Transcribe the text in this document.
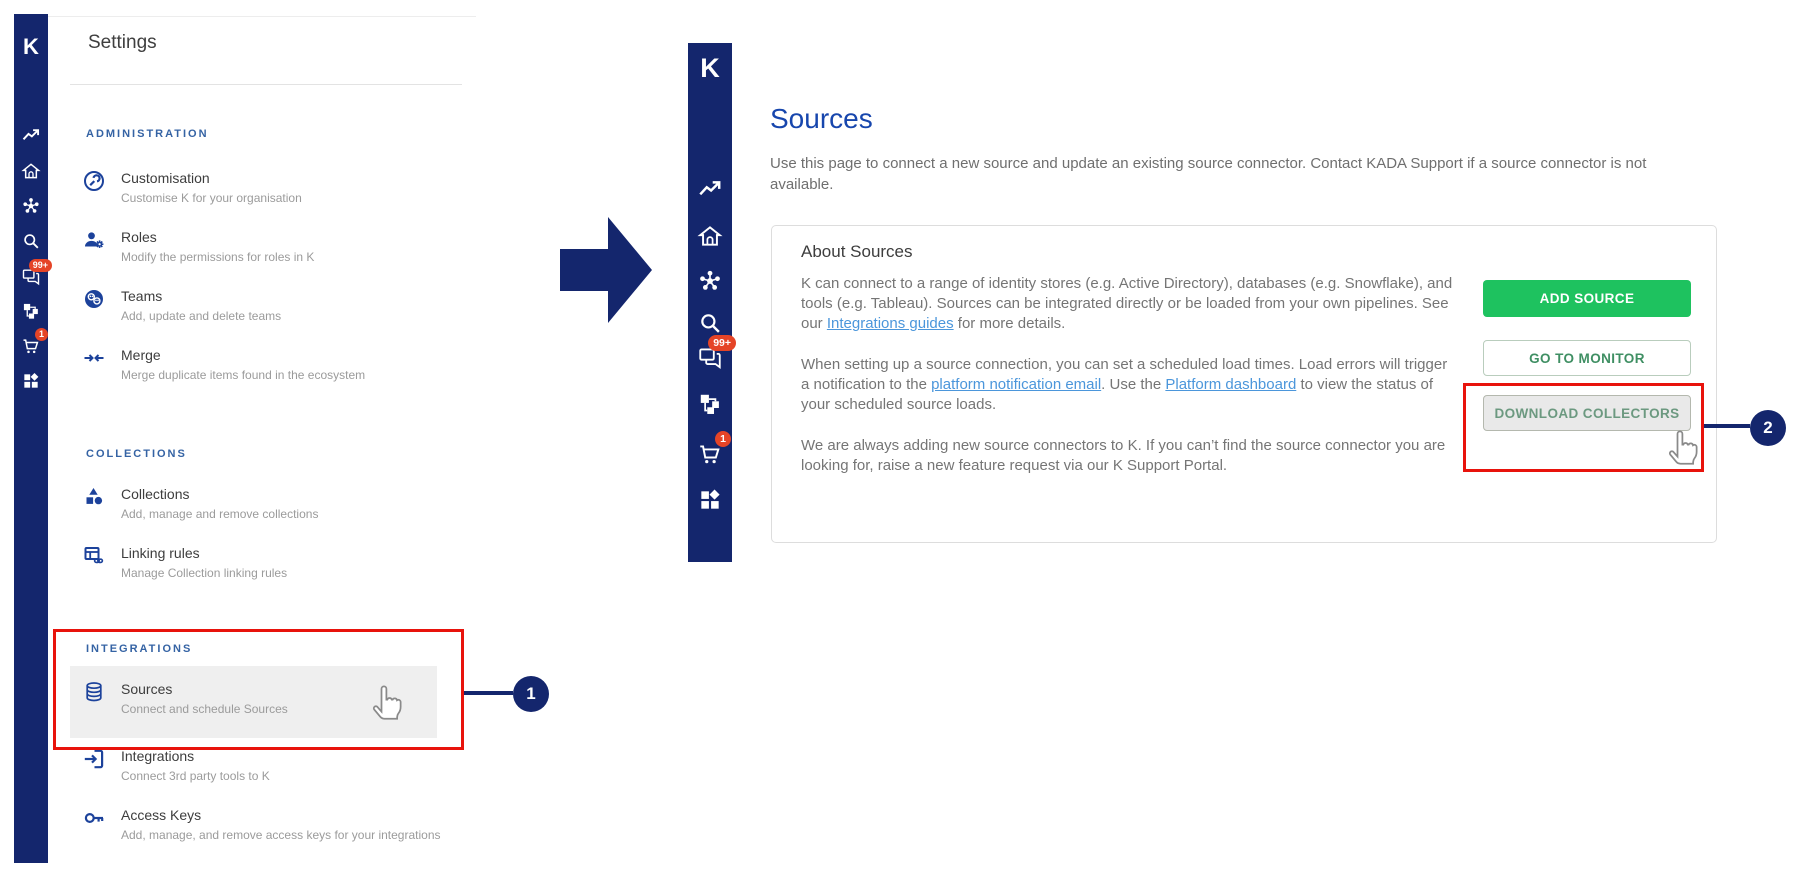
K
99+
1
Settings
ADMINISTRATION
Customisation
Customise K for your organisation
Roles
Modify the permissions for roles in K
Teams
Add, update and delete teams
Merge
Merge duplicate items found in the ecosystem
COLLECTIONS
Collections
Add, manage and remove collections
Linking rules
Manage Collection linking rules
INTEGRATIONS
Sources
Connect and schedule Sources
Integrations
Connect 3rd party tools to K
Access Keys
Add, manage, and remove access keys for your integrations
1
K
99+
1
Sources
Use this page to connect a new source and update an existing source connector. Contact KADA Support if a source connector is not available.
About Sources

K can connect to a range of identity stores (e.g. Active Directory), databases (e.g. Snowflake), and tools (e.g. Tableau). Sources can be integrated directly or be loaded from your own pipelines. See our Integrations guides for more details.

When setting up a source connection, you can set a scheduled load times. Load errors will trigger a notification to the platform notification email. Use the Platform dashboard to view the status of your scheduled source loads.

We are always adding new source connectors to K. If you can’t find the source connector you are looking for, raise a new feature request via our K Support Portal.

ADD SOURCE
GO TO MONITOR
DOWNLOAD COLLECTORS
2
